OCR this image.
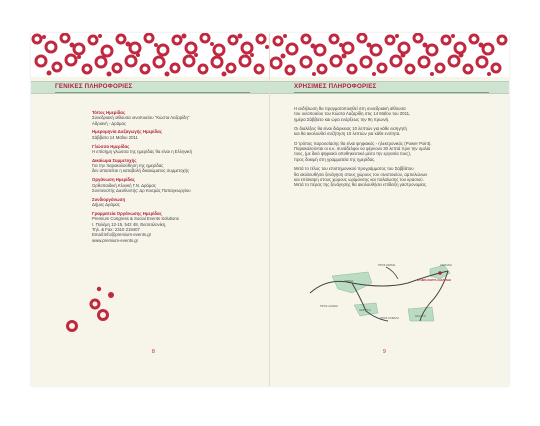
ΓΕΝΙΚΕΣ ΠΛΗΡΟΦΟΡΙΕΣ
Τόπος Ημερίδας
Συνεδριακή αίθουσα οινοποιείου "Κώστα Λαζαρίδη"
Αδριανή - Δράμας
Ημερομηνία Διεξαγωγής Ημερίδας
Σάββατο 14 Μαΐου 2011
Γλώσσα Ημερίδας
Η επίσημη γλώσσα της ημερίδας θα είναι η Ελληνική
Δικαίωμα Συμμετοχής
Για την παρακολούθηση της ημερίδας
δεν απαιτείται η καταβολή δικαιώματος συμμετοχής
Οργάνωση Ημερίδας
Ορθοπαιδική Κλινική Γ.Ν. Δράμας
Συντονιστής Διευθυντής: Δρ Κοσμάς Παπαγεωργίου
Συνδιοργάνωση
Δήμος Δράμας
Γραμματεία Οργάνωσης Ημερίδας
Premium Congress & Social Events Solutions
Ι. Πολέμη 12-15, 542 48, Θεσσαλονίκη,
Τηλ. & Fax: 2310 219407
Email:info@premium-events.gr
www.premium-events.gr
8
ΧΡΗΣΙΜΕΣ ΠΛΗΡΟΦΟΡΙΕΣ
Η εκδήλωση θα πραγματοποιηθεί στη συνεδριακή αίθουσα
του οινοποιείου του Κώστα Λαζαρίδη στις 14 Μαΐου του 2011,
ημέρα Σάββατο και ώρα ενάρξεως την 9η πρωινή.
Οι διαλέξεις θα είναι διάρκειας 10 λεπτών για κάθε εισηγητή
και θα ακολουθεί συζήτηση 10 λεπτών για κάθε ενότητα.
Ο τρόπος παρουσίασης θα είναι ψηφιακός - ηλεκτρονικός (Power Point).
Παρακαλούνται οι κ.κ. συνάδελφοι να φέρνουν 30 λεπτά πριν την ομιλία
τους, (με δικό ψηφιακό αποθηκευτικό μέσο την εργασία τους),
προς δοκιμή στη γραμματεία της ημερίδας.
Μετά το τέλος του επιστημονικού προγράμματος του Σαββάτου
θα ακολουθήσει ξενάγηση στους χώρους του οινοποιείου, αμπελώνων
και επίσκεψη στους χώρους ωρίμανσης και παλαίωσης του κρασιού.
Μετά το πέρας της ξενάγησης θα ακολουθήσει επίδειξη γαστρονομίας.
ΠΡΟΣ ΔΡΑΜΑ
ΔΡΑΜΑ
ΠΡΟΣ ΞΑΝΘΗ
ΑΔΡΙΑΝΗ
ΚΤΗΜΑ ΚΩΣΤΑ ΛΑΖΑΡΙΔΗ
ΧΩΡΙΣΤΗ
ΠΡΟΣ ΚΑΒΑΛΑ
ΔΟΞΑΤΟ
9
